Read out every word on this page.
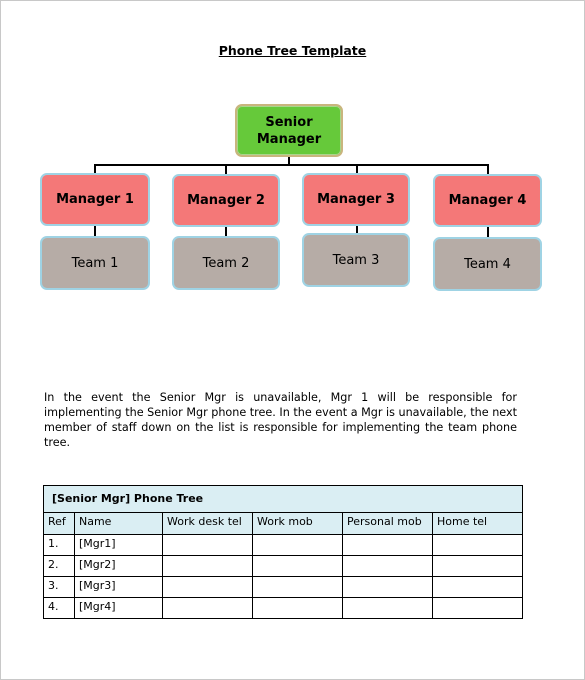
Phone Tree Template
Senior
Manager
Manager 1	Manager 2	Manager 3	Manager 4
Team 1	Team 2	Team 3	Team 4
In the event the Senior Mgr is unavailable, Mgr 1 will be responsible for implementing the Senior Mgr phone tree. In the event a Mgr is unavailable, the next member of staff down on the list is responsible for implementing the team phone tree.
[Senior Mgr] Phone Tree					
Ref	Name	Work desk tel	Work mob	Personal mob	Home tel
1.	[Mgr1]				
2.	[Mgr2]				
3.	[Mgr3]				
4.	[Mgr4]				
